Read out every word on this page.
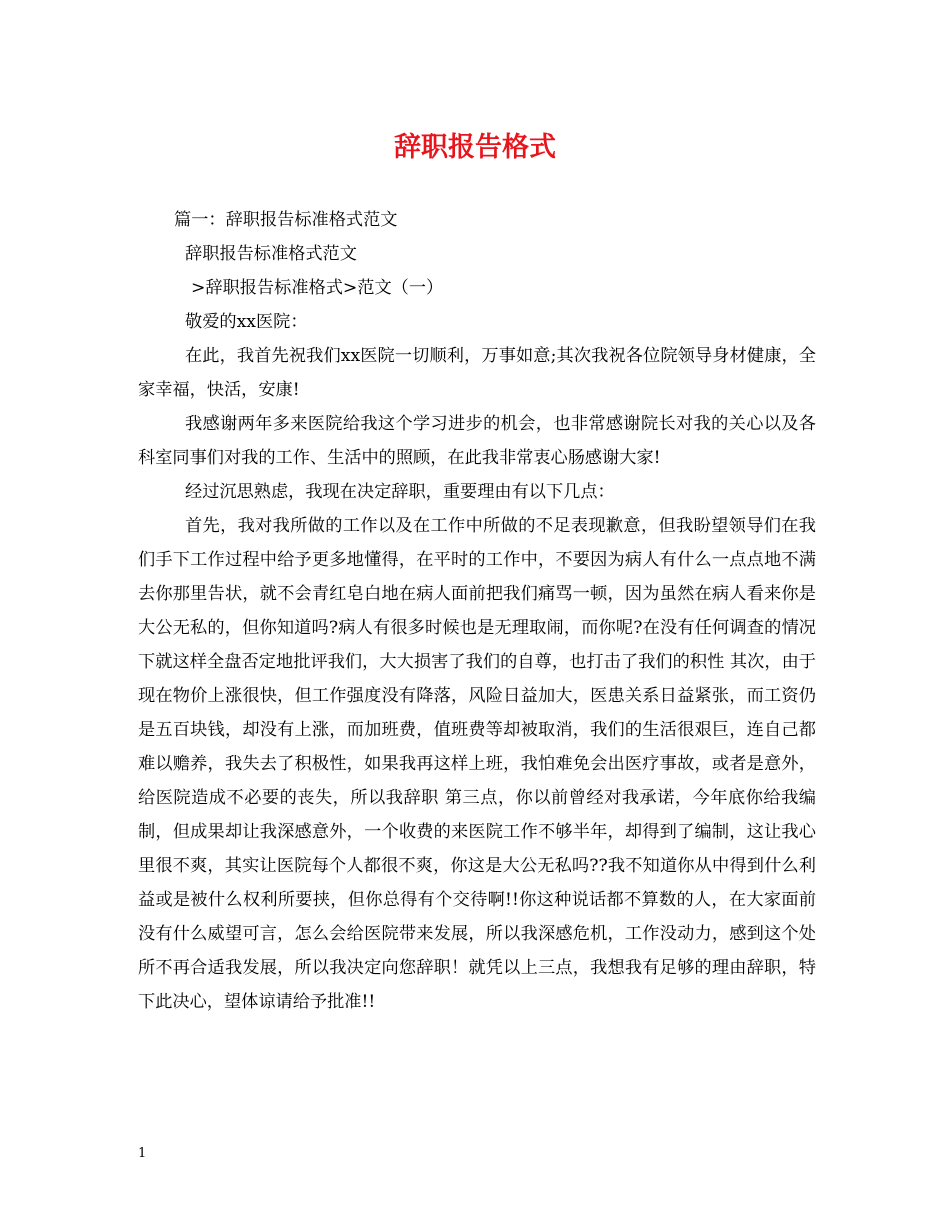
辞职报告格式

篇一：辞职报告标准格式范文

辞职报告标准格式范文

>辞职报告标准格式>范文（一）

敬爱的xx医院：

在此，我首先祝我们xx医院一切顺利，万事如意;其次我祝各位院领导身材健康，全家幸福，快活，安康!

我感谢两年多来医院给我这个学习进步的机会，也非常感谢院长对我的关心以及各科室同事们对我的工作、生活中的照顾，在此我非常衷心肠感谢大家!

经过沉思熟虑，我现在决定辞职，重要理由有以下几点：

首先，我对我所做的工作以及在工作中所做的不足表现歉意，但我盼望领导们在我们手下工作过程中给予更多地懂得，在平时的工作中，不要因为病人有什么一点点地不满去你那里告状，就不会青红皂白地在病人面前把我们痛骂一顿，因为虽然在病人看来你是大公无私的，但你知道吗?病人有很多时候也是无理取闹，而你呢?在没有任何调查的情况下就这样全盘否定地批评我们，大大损害了我们的自尊，也打击了我们的积性 其次，由于现在物价上涨很快，但工作强度没有降落，风险日益加大，医患关系日益紧张，而工资仍是五百块钱，却没有上涨，而加班费，值班费等却被取消，我们的生活很艰巨，连自己都难以赡养，我失去了积极性，如果我再这样上班，我怕难免会出医疗事故，或者是意外，给医院造成不必要的丧失，所以我辞职 第三点，你以前曾经对我承诺，今年底你给我编制，但成果却让我深感意外，一个收费的来医院工作不够半年，却得到了编制，这让我心里很不爽，其实让医院每个人都很不爽，你这是大公无私吗??我不知道你从中得到什么利益或是被什么权利所要挟，但你总得有个交待啊!!你这种说话都不算数的人，在大家面前没有什么威望可言，怎么会给医院带来发展，所以我深感危机，工作没动力，感到这个处所不再合适我发展，所以我决定向您辞职！就凭以上三点，我想我有足够的理由辞职，特下此决心，望体谅请给予批准!!

1
